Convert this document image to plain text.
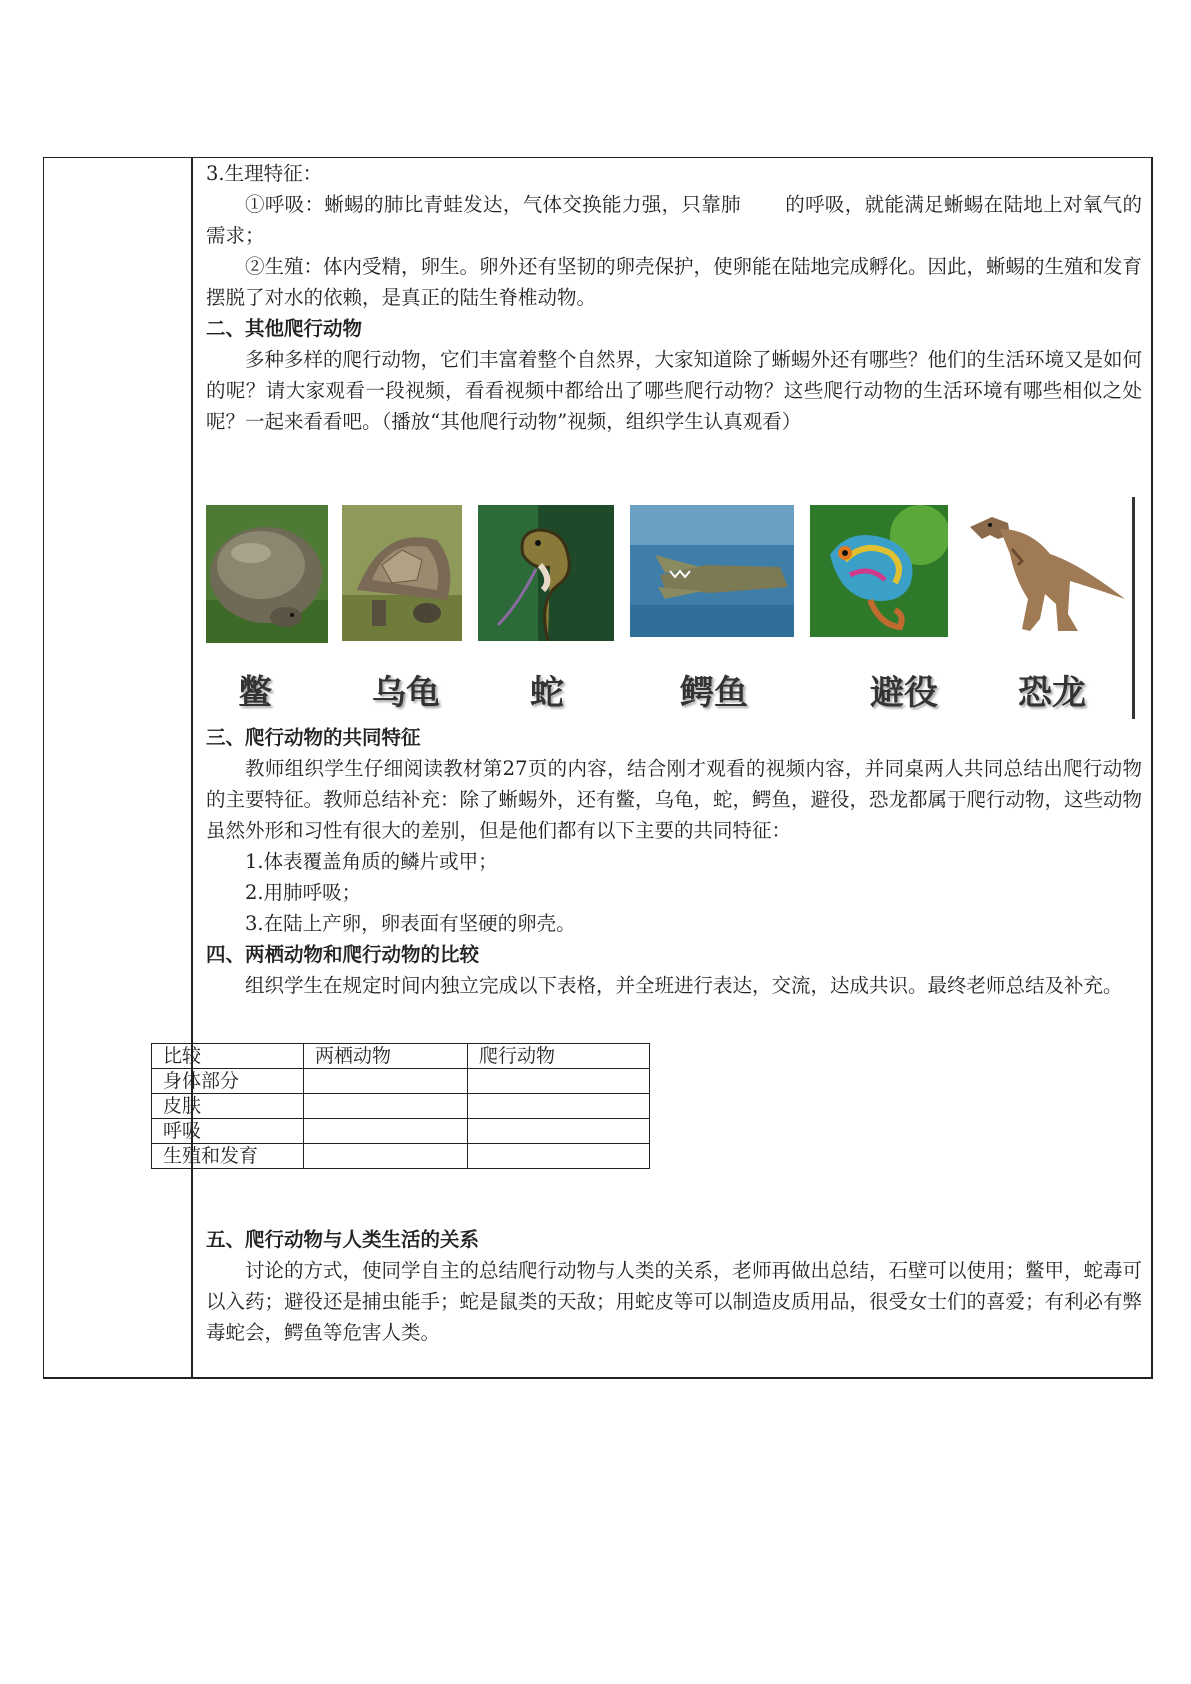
3.生理特征：

①呼吸：蜥蜴的肺比青蛙发达，气体交换能力强，只靠肺 的呼吸，就能满足蜥蜴在陆地上对氧气的需求；

②生殖：体内受精，卵生。卵外还有坚韧的卵壳保护，使卵能在陆地完成孵化。因此，蜥蜴的生殖和发育摆脱了对水的依赖，是真正的陆生脊椎动物。

二、其他爬行动物

多种多样的爬行动物，它们丰富着整个自然界，大家知道除了蜥蜴外还有哪些？他们的生活环境又是如何的呢？请大家观看一段视频，看看视频中都给出了哪些爬行动物？这些爬行动物的生活环境有哪些相似之处呢？一起来看看吧。（播放“其他爬行动物”视频，组织学生认真观看）

鳖	乌龟	蛇	鳄鱼	避役 恐龙

三、爬行动物的共同特征

教师组织学生仔细阅读教材第27页的内容，结合刚才观看的视频内容，并同桌两人共同总结出爬行动物的主要特征。教师总结补充：除了蜥蜴外，还有鳖，乌龟，蛇，鳄鱼，避役，恐龙都属于爬行动物，这些动物虽然外形和习性有很大的差别，但是他们都有以下主要的共同特征：

1.体表覆盖角质的鳞片或甲；

2.用肺呼吸；

3.在陆上产卵，卵表面有坚硬的卵壳。

四、两栖动物和爬行动物的比较

组织学生在规定时间内独立完成以下表格，并全班进行表达，交流，达成共识。最终老师总结及补充。

比较	两栖动物	爬行动物
身体部分		
皮肤		
呼吸		
生殖和发育		

五、爬行动物与人类生活的关系

讨论的方式，使同学自主的总结爬行动物与人类的关系，老师再做出总结，石壁可以使用；鳖甲，蛇毒可以入药；避役还是捕虫能手；蛇是鼠类的天敌；用蛇皮等可以制造皮质用品，很受女士们的喜爱；有利必有弊毒蛇会，鳄鱼等危害人类。
